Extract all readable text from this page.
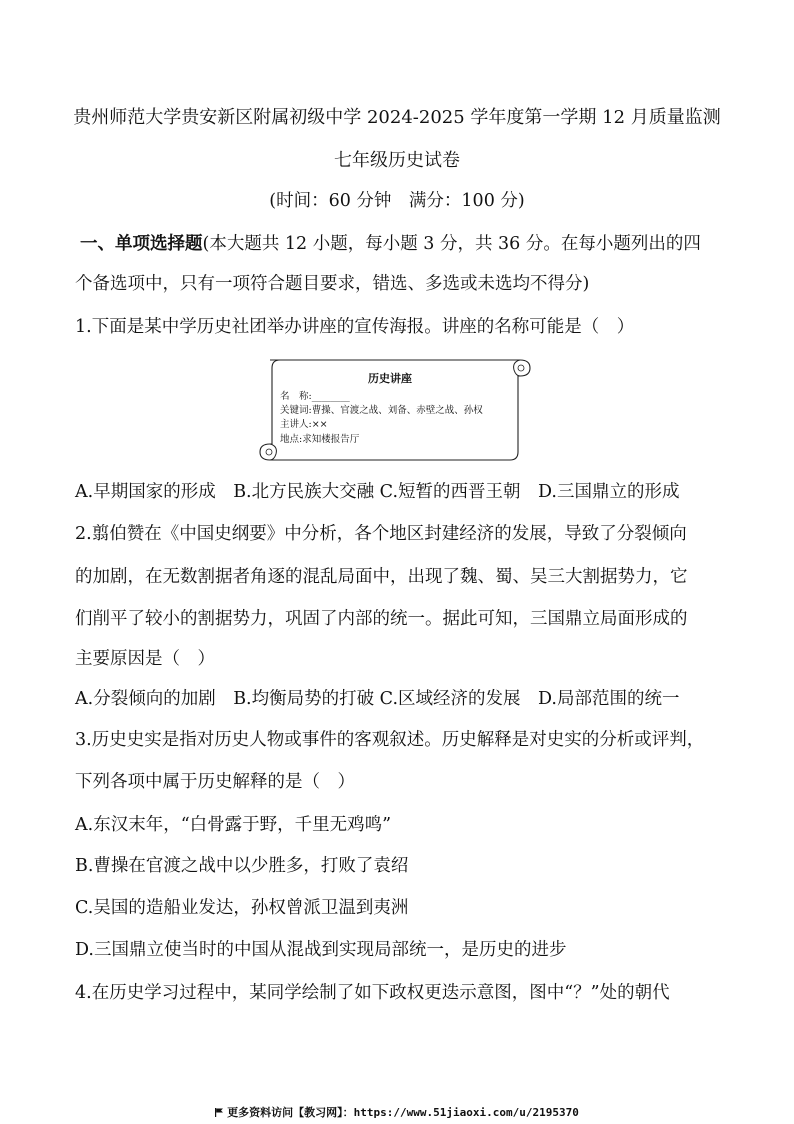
贵州师范大学贵安新区附属初级中学 2024-2025 学年度第一学期 12 月质量监测
七年级历史试卷
(时间：60 分钟　满分：100 分)
一、单项选择题(本大题共 12 小题，每小题 3 分，共 36 分。在每小题列出的四
个备选项中，只有一项符合题目要求，错选、多选或未选均不得分)
1.下面是某中学历史社团举办讲座的宣传海报。讲座的名称可能是（　）
历史讲座
名　称:________
关键词:曹操、官渡之战、刘备、赤壁之战、孙权
主讲人:××
地点:求知楼报告厅
A.早期国家的形成　B.北方民族大交融 C.短暂的西晋王朝　D.三国鼎立的形成
2.翦伯赞在《中国史纲要》中分析，各个地区封建经济的发展，导致了分裂倾向
的加剧，在无数割据者角逐的混乱局面中，出现了魏、蜀、吴三大割据势力，它
们削平了较小的割据势力，巩固了内部的统一。据此可知，三国鼎立局面形成的
主要原因是（　）
A.分裂倾向的加剧　B.均衡局势的打破 C.区域经济的发展　D.局部范围的统一
3.历史史实是指对历史人物或事件的客观叙述。历史解释是对史实的分析或评判，
下列各项中属于历史解释的是（　）
A.东汉末年，“白骨露于野，千里无鸡鸣”
B.曹操在官渡之战中以少胜多，打败了袁绍
C.吴国的造船业发达，孙权曾派卫温到夷洲
D.三国鼎立使当时的中国从混战到实现局部统一，是历史的进步
4.在历史学习过程中，某同学绘制了如下政权更迭示意图，图中“？”处的朝代
更多资料访问【教习网】：https://www.51jiaoxi.com/u/2195370
